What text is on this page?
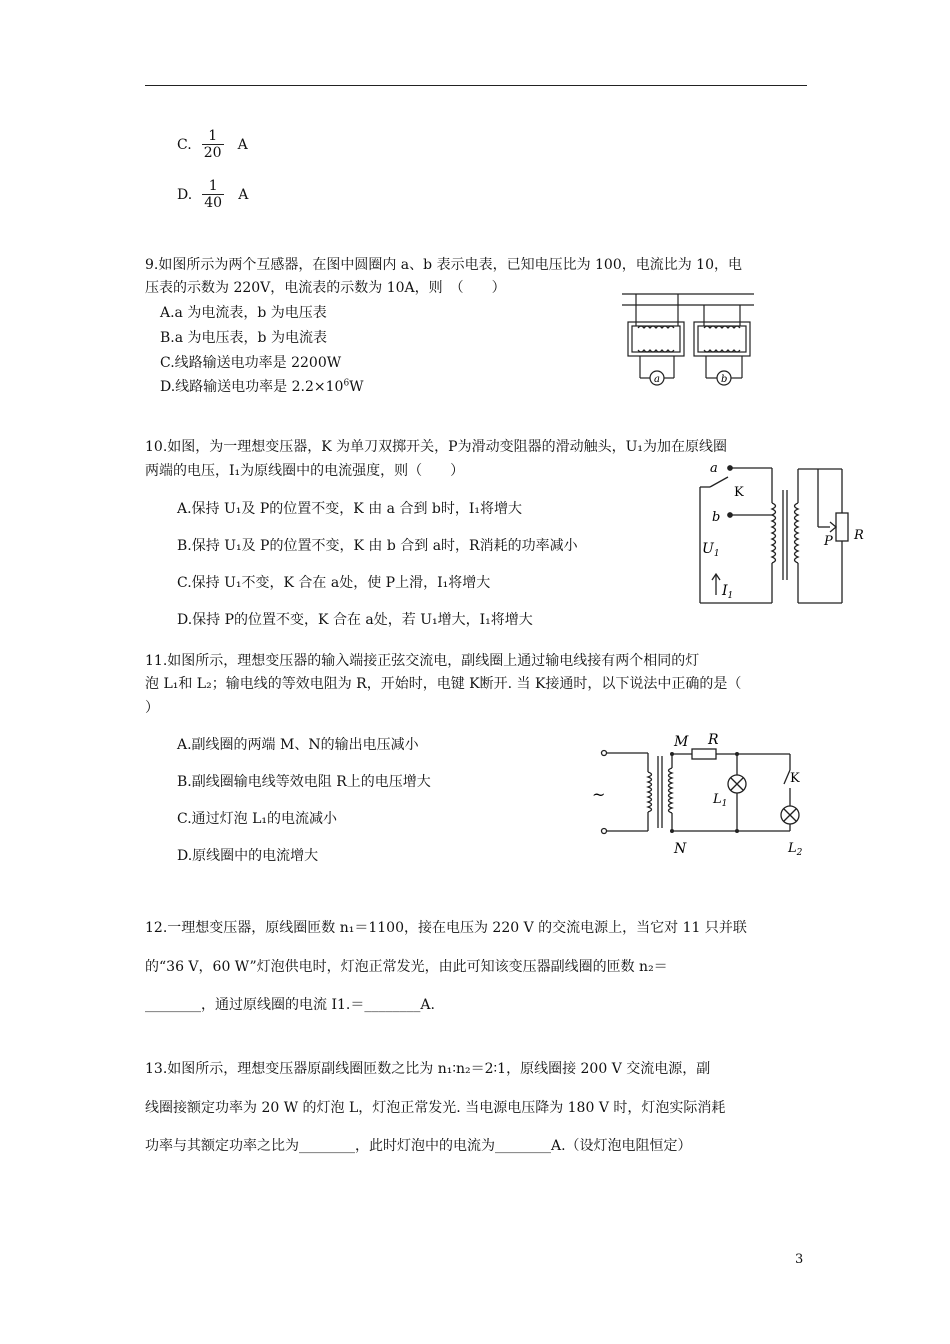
C.
1
20
A
D.
1
40
A
9.如图所示为两个互感器，在图中圆圈内 a、b 表示电表，已知电压比为 100，电流比为 10，电
压表的示数为 220V，电流表的示数为 10A，则　（　　）
A.a 为电流表，b 为电压表
B.a 为电压表，b 为电流表
C.线路输送电功率是 2200W
D.线路输送电功率是 $2.2\times 10^6W$	a	b
10.如图，为一理想变压器，K 为单刀双掷开关，P为滑动变阻器的滑动触头，U₁为加在原线圈
两端的电压，I₁为原线圈中的电流强度，则（　　）
A.保持 U₁及 P的位置不变，K 由 a 合到 b时，I₁将增大
B.保持 U₁及 P的位置不变，K 由 b 合到 a时，R消耗的功率减小
C.保持 U₁不变，K 合在 a处，使 P上滑，I₁将增大
D.保持 P的位置不变，K 合在 a处，若 U₁增大，I₁将增大
a
b
K
$U_1$
$I_1$
P R
11.如图所示，理想变压器的输入端接正弦交流电，副线圈上通过输电线接有两个相同的灯
泡 L₁和 L₂；输电线的等效电阻为 R，开始时，电键 K断开. 当 K接通时，以下说法中正确的是（
）
A.副线圈的两端 M、N的输出电压减小
B.副线圈输电线等效电阻 R上的电压增大
C.通过灯泡 L₁的电流减小
D.原线圈中的电流增大
~
M R
K
$L_1$
$L_2$
N
12.一理想变压器，原线圈匝数 n₁＝1100，接在电压为 220 V 的交流电源上，当它对 11 只并联
的“36 V，60 W”灯泡供电时，灯泡正常发光，由此可知该变压器副线圈的匝数 n₂＝
________，通过原线圈的电流 I1.＝________A.
13.如图所示，理想变压器原副线圈匝数之比为 n₁∶n₂＝2∶1，原线圈接 200 V 交流电源，副
线圈接额定功率为 20 W 的灯泡 L，灯泡正常发光. 当电源电压降为 180 V 时，灯泡实际消耗
功率与其额定功率之比为________，此时灯泡中的电流为________A.（设灯泡电阻恒定）
3
